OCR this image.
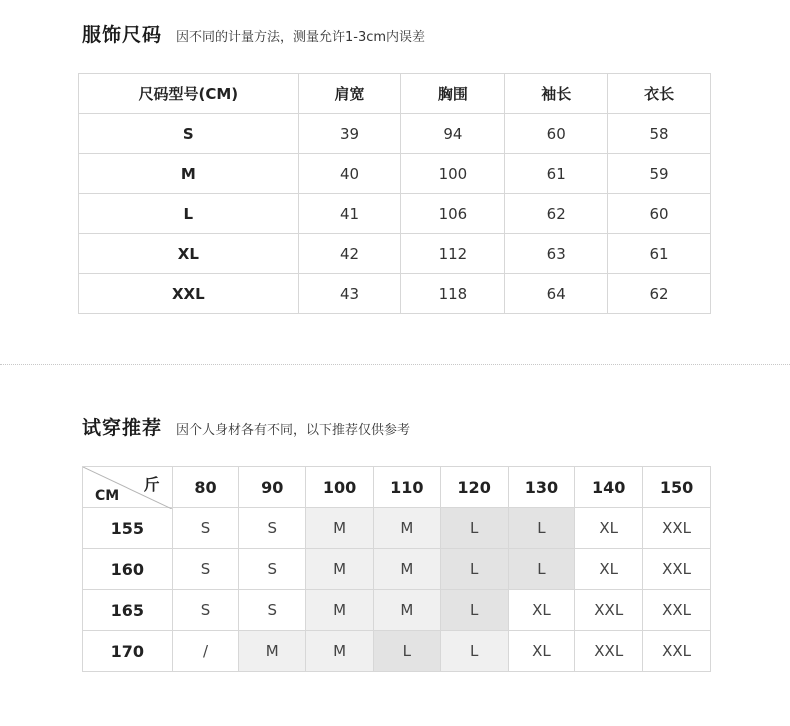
服饰尺码 因不同的计量方法，测量允许1-3cm内误差
尺码型号(CM)	肩宽	胸围	袖长	衣长
S	39	94	60	58
M	40	100	61	59
L	41	106	62	60
XL	42	112	63	61
XXL	43	118	64	62
试穿推荐 因个人身材各有不同，以下推荐仅供参考
斤
CM	80	90	100	110	120	130	140	150
155	S	S	M	M	L	L	XL	XXL
160	S	S	M	M	L	L	XL	XXL
165	S	S	M	M	L	XL	XXL	XXL
170	/	M	M	L	L	XL	XXL	XXL
